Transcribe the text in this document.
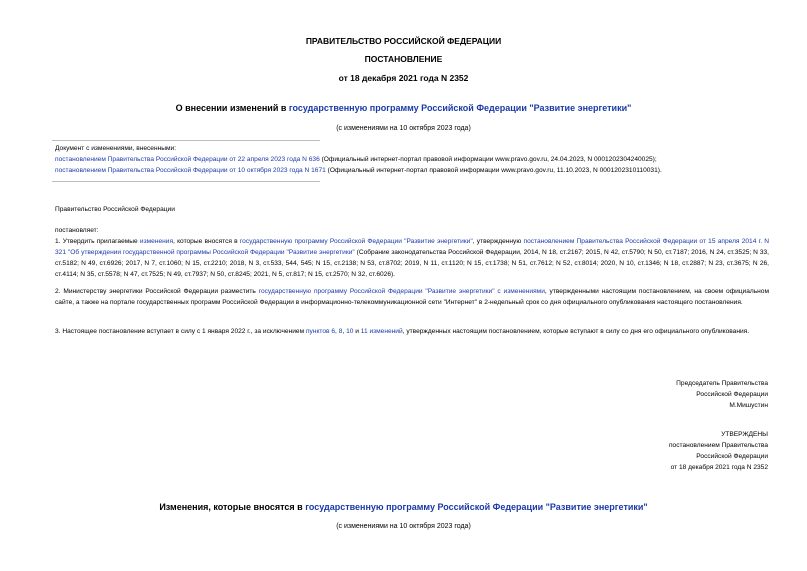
ПРАВИТЕЛЬСТВО РОССИЙСКОЙ ФЕДЕРАЦИИ
ПОСТАНОВЛЕНИЕ
от 18 декабря 2021 года N 2352
О внесении изменений в государственную программу Российской Федерации "Развитие энергетики"
(с изменениями на 10 октября 2023 года)
Документ с изменениями, внесенными:
постановлением Правительства Российской Федерации от 22 апреля 2023 года N 636 (Официальный интернет-портал правовой информации www.pravo.gov.ru, 24.04.2023, N 0001202304240025);
постановлением Правительства Российской Федерации от 10 октября 2023 года N 1671 (Официальный интернет-портал правовой информации www.pravo.gov.ru, 11.10.2023, N 0001202310110031).
Правительство Российской Федерации
постановляет:
1. Утвердить прилагаемые изменения, которые вносятся в государственную программу Российской Федерации "Развитие энергетики", утвержденную постановлением Правительства Российской Федерации от 15 апреля 2014 г. N 321 "Об утверждении государственной программы Российской Федерации "Развитие энергетики" (Собрание законодательства Российской Федерации, 2014, N 18, ст.2167; 2015, N 42, ст.5790; N 50, ст.7187; 2016, N 24, ст.3525; N 33, ст.5182; N 49, ст.6926; 2017, N 7, ст.1060; N 15, ст.2210; 2018, N 3, ст.533, 544, 545; N 15, ст.2138; N 53, ст.8702; 2019, N 11, ст.1120; N 15, ст.1738; N 51, ст.7612; N 52, ст.8014; 2020, N 10, ст.1346; N 18, ст.2887; N 23, ст.3675; N 26, ст.4114; N 35, ст.5578; N 47, ст.7525; N 49, ст.7937; N 50, ст.8245; 2021, N 5, ст.817; N 15, ст.2570; N 32, ст.6026).
2. Министерству энергетики Российской Федерации разместить государственную программу Российской Федерации "Развитие энергетики" с изменениями, утвержденными настоящим постановлением, на своем официальном сайте, а также на портале государственных программ Российской Федерации в информационно-телекоммуникационной сети "Интернет" в 2-недельный срок со дня официального опубликования настоящего постановления.
3. Настоящее постановление вступает в силу с 1 января 2022 г., за исключением пунктов 6, 8, 10 и 11 изменений, утвержденных настоящим постановлением, которые вступают в силу со дня его официального опубликования.
Председатель Правительства
Российской Федерации
М.Мишустин
УТВЕРЖДЕНЫ
постановлением Правительства
Российской Федерации
от 18 декабря 2021 года N 2352
Изменения, которые вносятся в государственную программу Российской Федерации "Развитие энергетики"
(с изменениями на 10 октября 2023 года)
